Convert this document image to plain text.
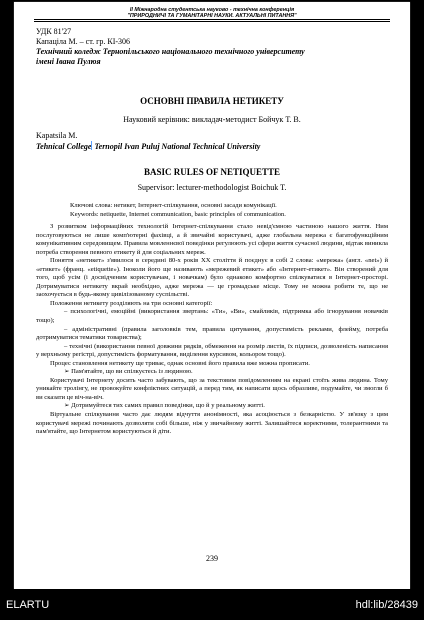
ІІ Міжнародна студентська науково - технічна конференція
"ПРИРОДНИЧІ ТА ГУМАНІТАРНІ НАУКИ. АКТУАЛЬНІ ПИТАННЯ"
УДК 81'27
Капацілa М. – ст. гр. КІ-306
Технічний коледж Тернопільського національного технічного університету
імені Івана Пулюя
ОСНОВНІ ПРАВИЛА НЕТИКЕТУ
Науковий керівник: викладач-методист Бойчук Т. В.
Kapatsila M.
Tehnical College Ternopil Ivan Puluj National Technical University
BASIC RULES OF NETIQUETTE
Supervisor: lecturer-methodologist Boichuk T.
Ключові слова: нетикет, Інтернет-спілкування, основні засади комунікації.
Keywords: netiquette, Internet communication, basic principles of communication.

З розвитком інформаційних технологій Інтернет-спілкування стало невід'ємною частиною нашого життя. Ним послуговуються не лише комп'ютерні фахівці, а й звичайні користувачі, адже глобальна мережа є багатофункційним комунікативним середовищем. Правила мовленнєвої поведінки регулюють усі сфери життя сучасної людини, відтак виникла потреба створення певного етикету й для соціальних мереж.

Поняття «нетикет» з'явилося в середині 80-х років XX століття й поєднує в собі 2 слова: «мережа» (англ. «net») й «етикет» (франц. «etiquette»). Іноколи його ще називають «мережевий етикет» або «Інтернет-етикет». Він створений для того, щоб усім (і досвідченим користувачам, і новачкам) було однаково комфортно спілкуватися в Інтернет-просторі. Дотримуватися нетикету вкрай необхідно, адже мережа — це громадське місце. Тому не можна робити те, що не заохочується в будь-якому цивілізованому суспільстві.

Положення нетикету розділяють на три основні категорії:

– психологічні, емоційні (використання звертань: «Ти», «Ви», смайликів, підтримка або ігнорування новачків тощо);

– адміністративні (правила заголовків тем, правила цитування, допустимість реклами, флейму, потреба дотримуватися тематики товариства);

– технічні (використання певної довжини рядків, обмеження на розмір листів, їх підписи, дозволеність написання у верхньому регістрі, допустимість форматування, виділення курсивом, кольором тощо).

Процес становлення нетикету ще триває, однак основні його правила вже можна прописати.

➢ Пам'ятайте, що ви спілкуєтесь із людиною.

Користувачі Інтернету досить часто забувають, що за текстовим повідомленням на екрані стоїть жива людина. Тому уникайте тролінгу, не провокуйте конфліктних ситуацій, а перед тим, як написати щось образливе, подумайте, чи змогли б ви сказати це віч-на-віч.

➢ Дотримуйтеся тих самих правил поведінки, що й у реальному житті.

Віртуальне спілкування часто дає людям відчуття анонімності, яка асоціюється з безкарністю. У зв'язку з цим користувачі мережі починають дозволяти собі більше, ніж у звичайному житті. Залишайтеся коректними, толерантними та пам'ятайте, що Інтернетом користуються й діти.

239
ELARTU	hdl:lib/28439
